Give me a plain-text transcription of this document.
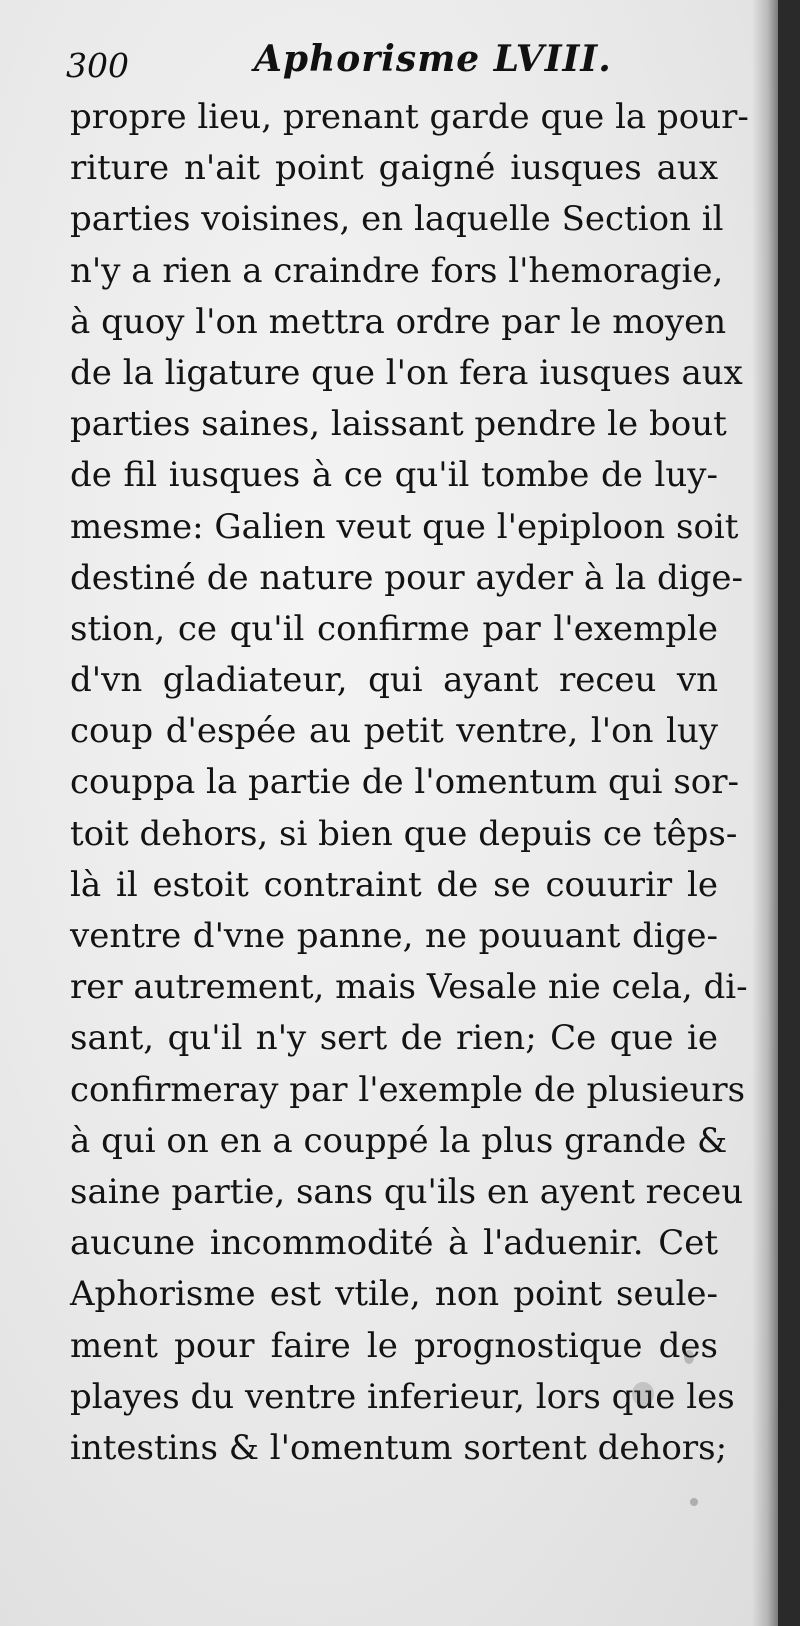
300	Aphorisme LVIII.
propre lieu, prenant garde que la pour-
riture n'ait point gaigné iusques aux
parties voisines, en laquelle Section il
n'y a rien a craindre fors l'hemoragie,
à quoy l'on mettra ordre par le moyen
de la ligature que l'on fera iusques aux
parties saines, laissant pendre le bout
de fil iusques à ce qu'il tombe de luy-
mesme: Galien veut que l'epiploon soit
destiné de nature pour ayder à la dige-
stion, ce qu'il confirme par l'exemple
d'vn gladiateur, qui ayant receu vn
coup d'espée au petit ventre, l'on luy
couppa la partie de l'omentum qui sor-
toit dehors, si bien que depuis ce têps-
là il estoit contraint de se couurir le
ventre d'vne panne, ne pouuant dige-
rer autrement, mais Vesale nie cela, di-
sant, qu'il n'y sert de rien; Ce que ie
confirmeray par l'exemple de plusieurs
à qui on en a couppé la plus grande &
saine partie, sans qu'ils en ayent receu
aucune incommodité à l'aduenir. Cet
Aphorisme est vtile, non point seule-
ment pour faire le prognostique des
playes du ventre inferieur, lors que les
intestins & l'omentum sortent dehors;
